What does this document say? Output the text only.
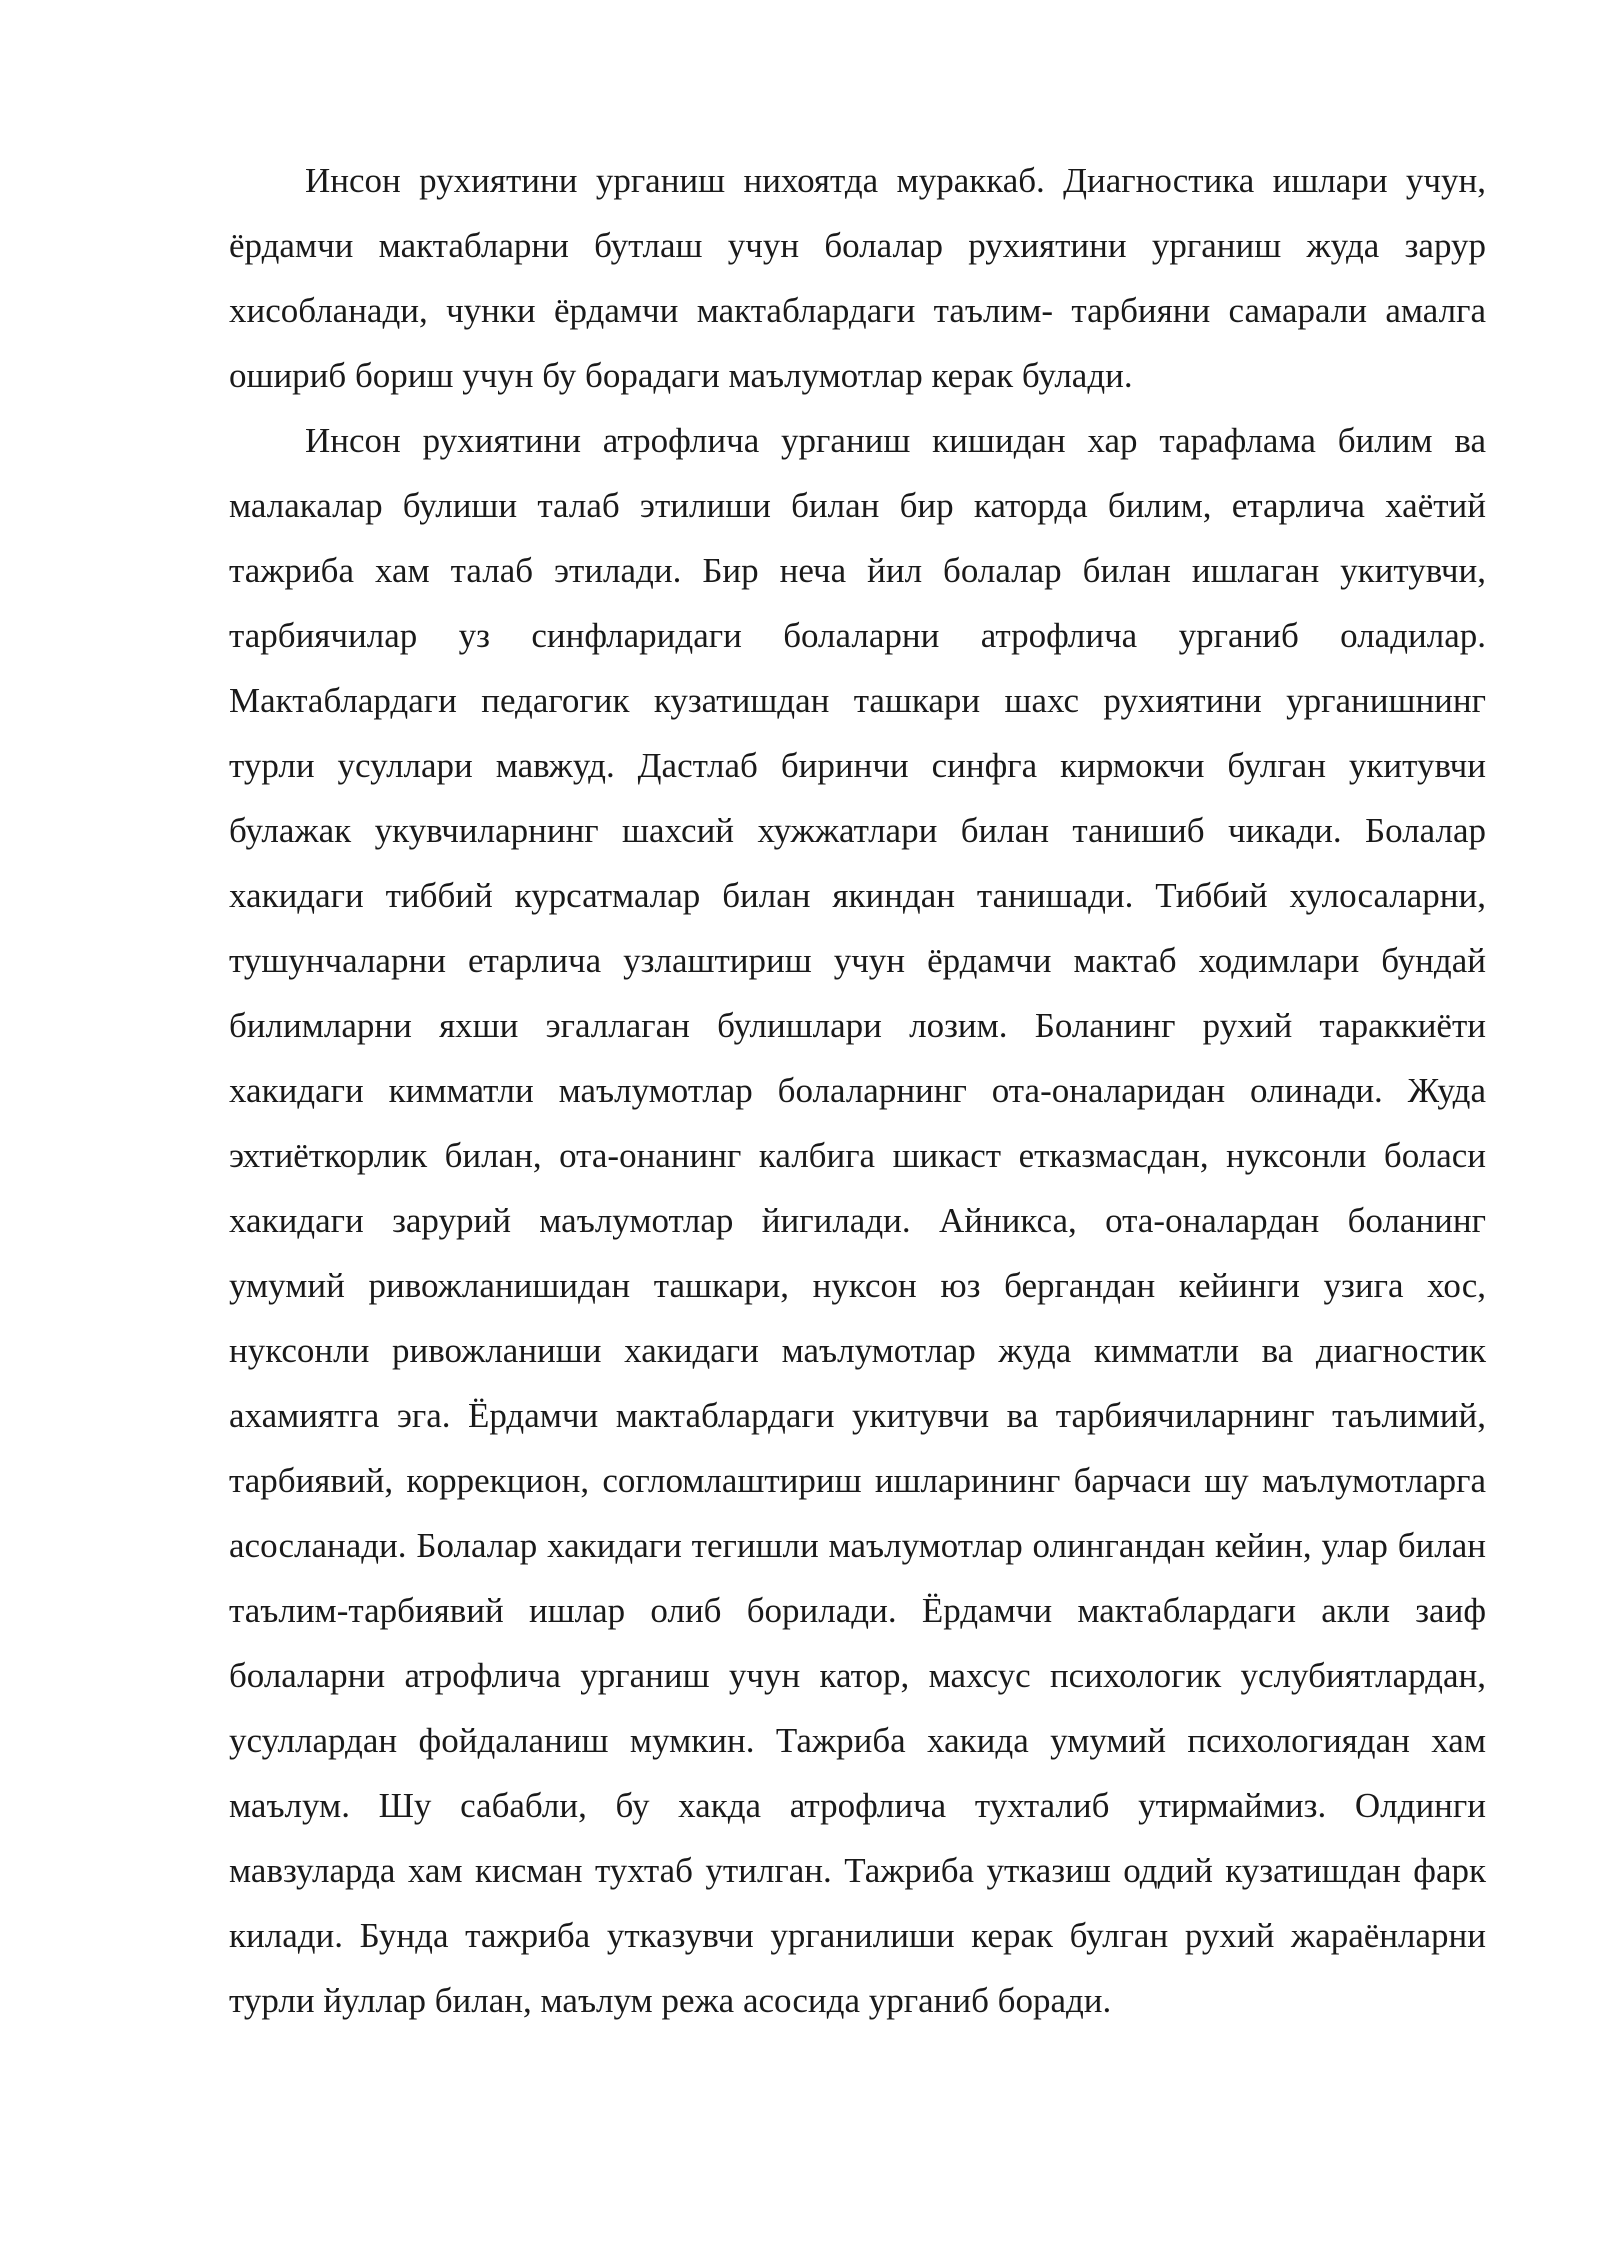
Инсон рухиятини урганиш нихоятда мураккаб. Диагностика ишлари учун, ёрдамчи мактабларни бутлаш учун болалар рухиятини урганиш жуда зарур хисобланади, чунки ёрдамчи мактаблардаги таълим- тарбияни самарали амалга ошириб бориш учун бу борадаги маълумотлар керак булади.

Инсон рухиятини атрофлича урганиш кишидан хар тарафлама билим ва малакалар булиши талаб этилиши билан бир каторда билим, етарлича хаётий тажриба хам талаб этилади. Бир неча йил болалар билан ишлаган укитувчи, тарбиячилар уз синфларидаги болаларни атрофлича урганиб оладилар. Мактаблардаги педагогик кузатишдан ташкари шахс рухиятини урганишнинг турли усуллари мавжуд. Дастлаб биринчи синфга кирмокчи булган укитувчи булажак укувчиларнинг шахсий хужжатлари билан танишиб чикади. Болалар хакидаги тиббий курсатмалар билан якиндан танишади. Тиббий хулосаларни, тушунчаларни етарлича узлаштириш учун ёрдамчи мактаб ходимлари бундай билимларни яхши эгаллаган булишлари лозим. Боланинг рухий тараккиёти хакидаги кимматли маълумотлар болаларнинг ота-оналаридан олинади. Жуда эхтиёткорлик билан, ота-онанинг калбига шикаст етказмасдан, нуксонли боласи хакидаги зарурий маълумотлар йигилади. Айникса, ота-оналардан боланинг умумий ривожланишидан ташкари, нуксон юз бергандан кейинги узига хос, нуксонли ривожланиши хакидаги маълумотлар жуда кимматли ва диагностик ахамиятга эга. Ёрдамчи мактаблардаги укитувчи ва тарбиячиларнинг таълимий, тарбиявий, коррекцион, согломлаштириш ишларининг барчаси шу маълумотларга асосланади. Болалар хакидаги тегишли маълумотлар олингандан кейин, улар билан таълим-тарбиявий ишлар олиб борилади. Ёрдамчи мактаблардаги акли заиф болаларни атрофлича урганиш учун катор, махсус психологик услубиятлардан, усуллардан фойдаланиш мумкин. Тажриба хакида умумий психологиядан хам маълум. Шу сабабли, бу хакда атрофлича тухталиб утирмаймиз. Олдинги мавзуларда хам кисман тухтаб утилган. Тажриба утказиш оддий кузатишдан фарк килади. Бунда тажриба утказувчи урганилиши керак булган рухий жараёнларни турли йуллар билан, маълум режа асосида урганиб боради.
